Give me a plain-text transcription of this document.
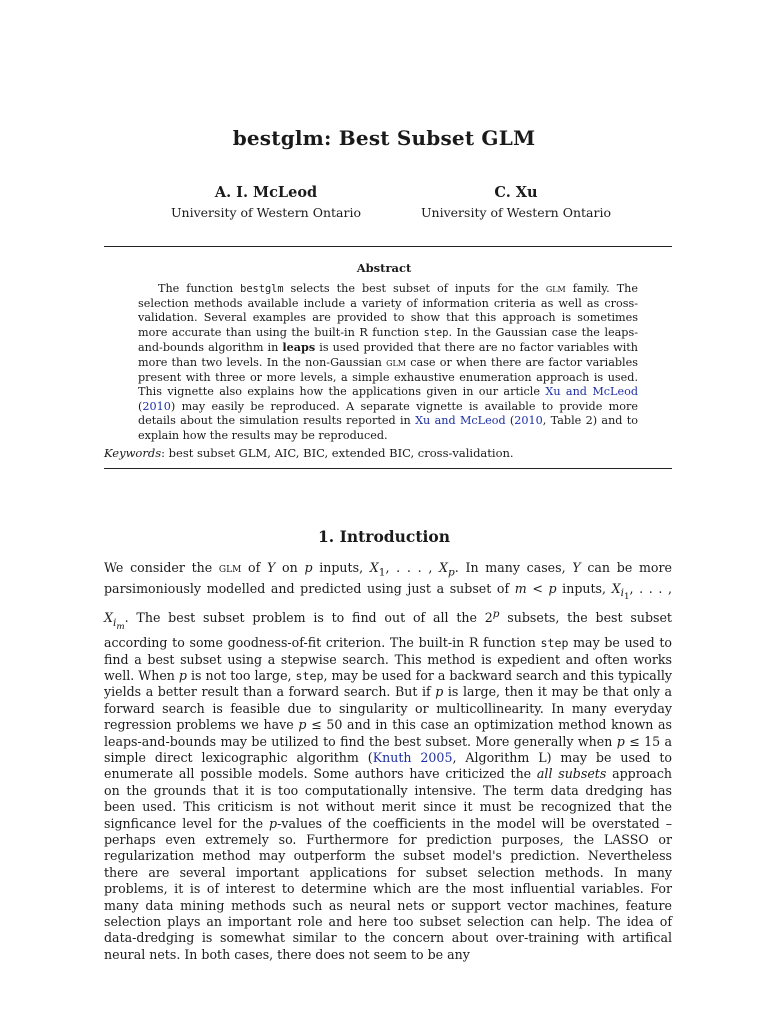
bestglm: Best Subset GLM
A. I. McLeod
University of Western Ontario
C. Xu
University of Western Ontario
Abstract
The function bestglm selects the best subset of inputs for the glm family. The selection methods available include a variety of information criteria as well as cross-validation. Several examples are provided to show that this approach is sometimes more accurate than using the built-in R function step. In the Gaussian case the leaps-and-bounds algorithm in leaps is used provided that there are no factor variables with more than two levels. In the non-Gaussian glm case or when there are factor variables present with three or more levels, a simple exhaustive enumeration approach is used. This vignette also explains how the applications given in our article Xu and McLeod (2010) may easily be reproduced. A separate vignette is available to provide more details about the simulation results reported in Xu and McLeod (2010, Table 2) and to explain how the results may be reproduced.
Keywords: best subset GLM, AIC, BIC, extended BIC, cross-validation.
1. Introduction
We consider the glm of Y on p inputs, $X_1$, . . . , $X_p$. In many cases, Y can be more parsimoniously modelled and predicted using just a subset of m < p inputs, $X_{i_1}$, . . . , $X_{i_m}$. The best subset problem is to find out of all the 2$^p$ subsets, the best subset according to some goodness-of-fit criterion. The built-in R function step may be used to find a best subset using a stepwise search. This method is expedient and often works well. When p is not too large, step, may be used for a backward search and this typically yields a better result than a forward search. But if p is large, then it may be that only a forward search is feasible due to singularity or multicollinearity. In many everyday regression problems we have p ≤ 50 and in this case an optimization method known as leaps-and-bounds may be utilized to find the best subset. More generally when p ≤ 15 a simple direct lexicographic algorithm (Knuth 2005, Algorithm L) may be used to enumerate all possible models. Some authors have criticized the all subsets approach on the grounds that it is too computationally intensive. The term data dredging has been used. This criticism is not without merit since it must be recognized that the signficance level for the p-values of the coefficients in the model will be overstated – perhaps even extremely so. Furthermore for prediction purposes, the LASSO or regularization method may outperform the subset model's prediction. Nevertheless there are several important applications for subset selection methods. In many problems, it is of interest to determine which are the most influential variables. For many data mining methods such as neural nets or support vector machines, feature selection plays an important role and here too subset selection can help. The idea of data-dredging is somewhat similar to the concern about over-training with artifical neural nets. In both cases, there does not seem to be any
